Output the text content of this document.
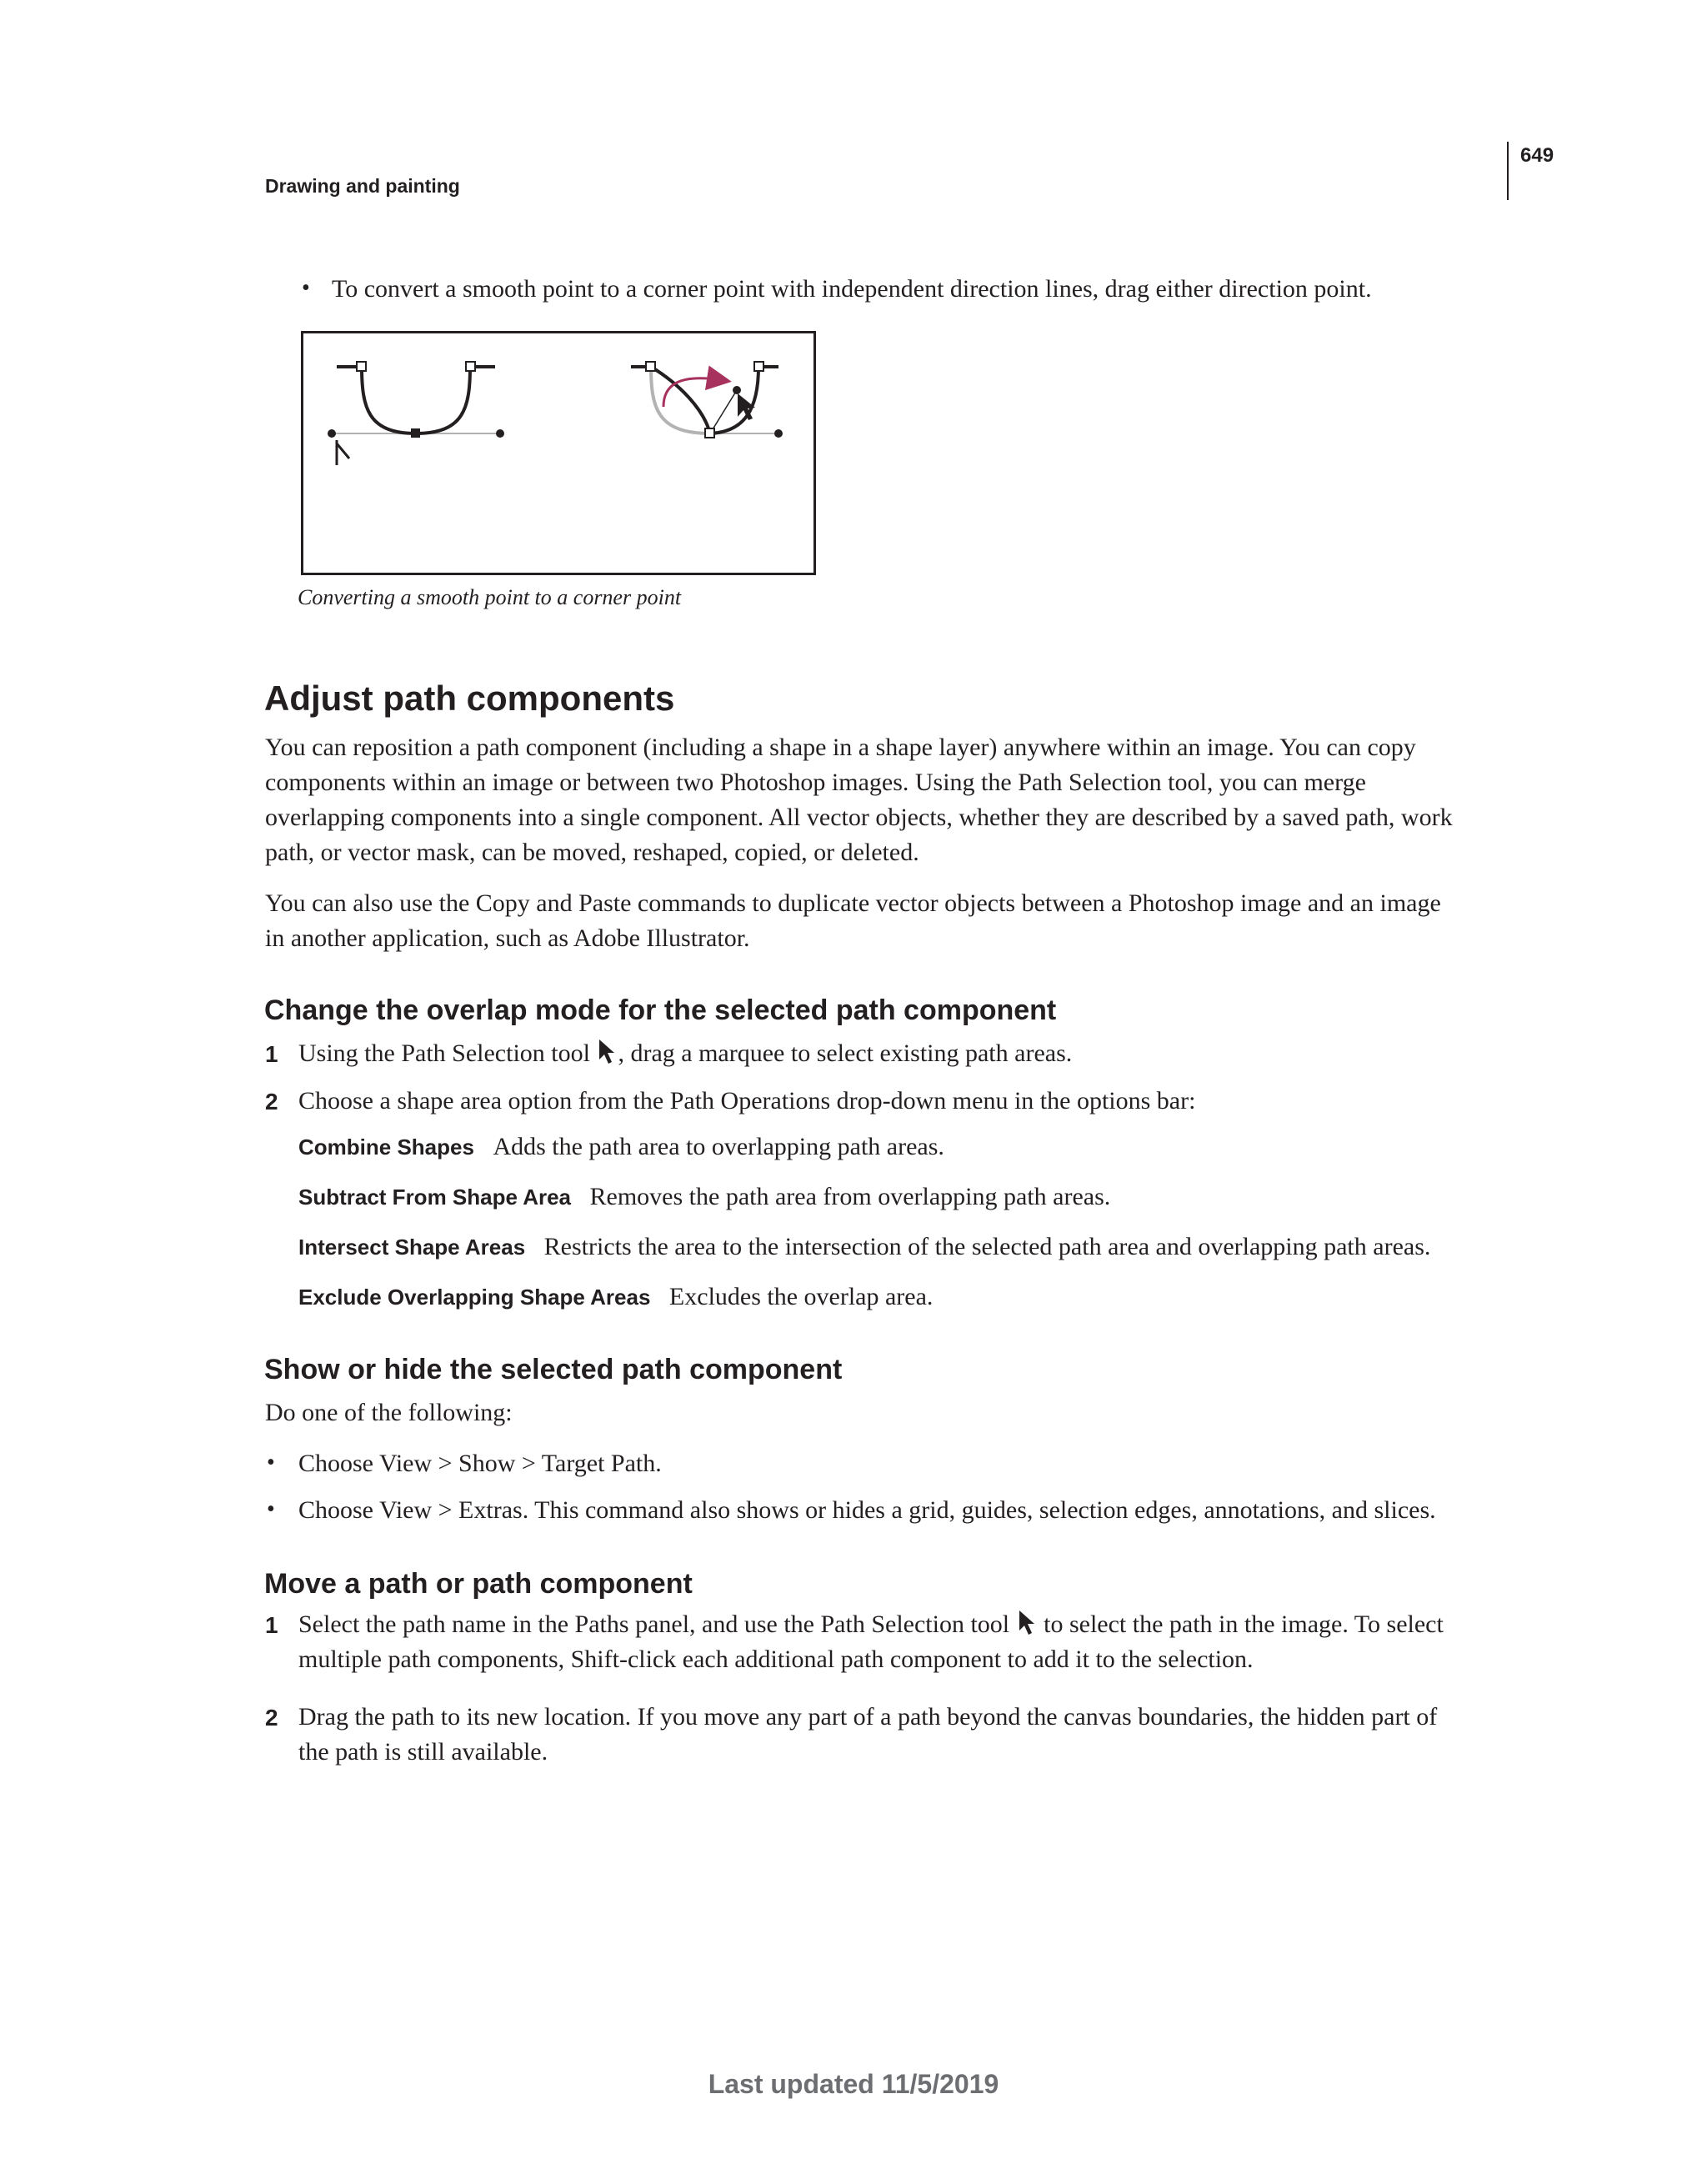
Drawing and painting
649
• To convert a smooth point to a corner point with independent direction lines, drag either direction point.
Converting a smooth point to a corner point
Adjust path components
You can reposition a path component (including a shape in a shape layer) anywhere within an image. You can copy
components within an image or between two Photoshop images. Using the Path Selection tool, you can merge
overlapping components into a single component. All vector objects, whether they are described by a saved path, work
path, or vector mask, can be moved, reshaped, copied, or deleted.
You can also use the Copy and Paste commands to duplicate vector objects between a Photoshop image and an image
in another application, such as Adobe Illustrator.
Change the overlap mode for the selected path component
1 Using the Path Selection tool , drag a marquee to select existing path areas.
2 Choose a shape area option from the Path Operations drop-down menu in the options bar:
Combine Shapes Adds the path area to overlapping path areas.
Subtract From Shape Area Removes the path area from overlapping path areas.
Intersect Shape Areas Restricts the area to the intersection of the selected path area and overlapping path areas.
Exclude Overlapping Shape Areas Excludes the overlap area.
Show or hide the selected path component
Do one of the following:
• Choose View > Show > Target Path.
• Choose View > Extras. This command also shows or hides a grid, guides, selection edges, annotations, and slices.
Move a path or path component
1 Select the path name in the Paths panel, and use the Path Selection tool to select the path in the image. To select
multiple path components, Shift-click each additional path component to add it to the selection.
2 Drag the path to its new location. If you move any part of a path beyond the canvas boundaries, the hidden part of
the path is still available.
Last updated 11/5/2019
